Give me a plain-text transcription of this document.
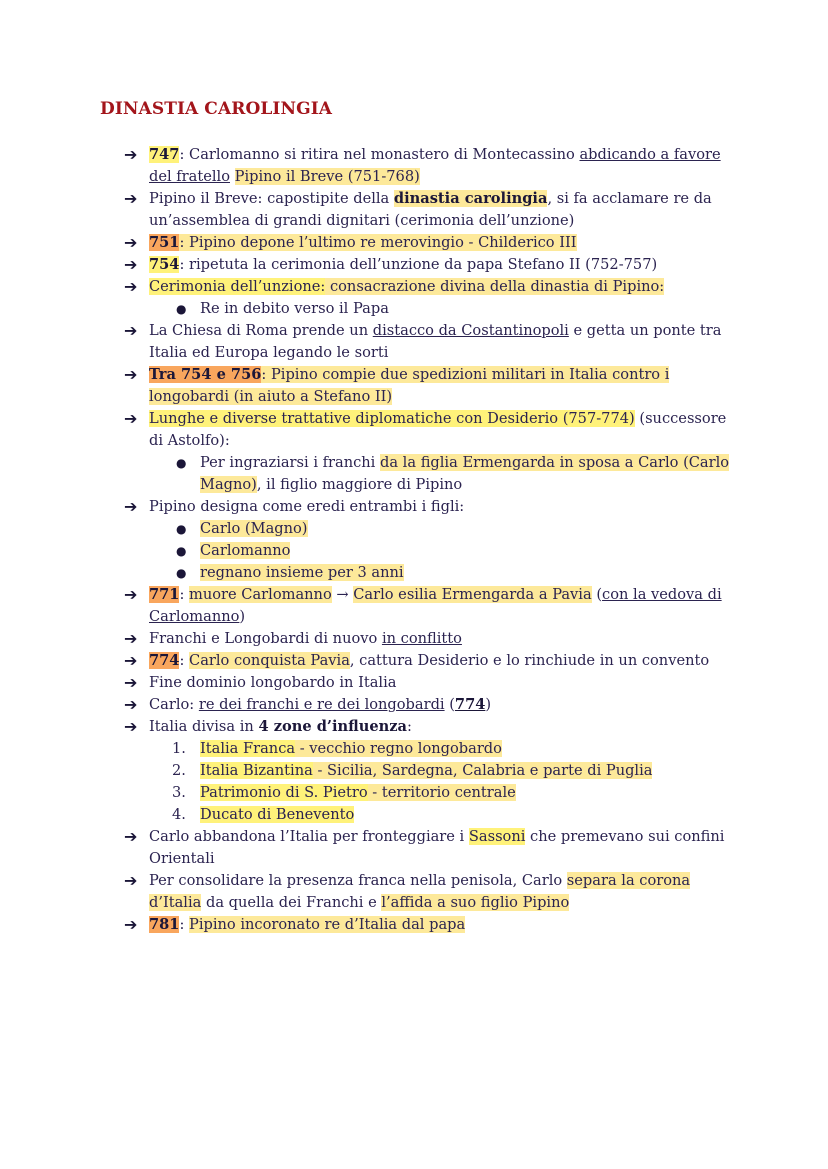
DINASTIA CAROLINGIA
➔ 747: Carlomanno si ritira nel monastero di Montecassino abdicando a favore
del fratello Pipino il Breve (751-768)
➔ Pipino il Breve: capostipite della dinastia carolingia, si fa acclamare re da
un’assemblea di grandi dignitari (cerimonia dell’unzione)
➔ 751: Pipino depone l’ultimo re merovingio - Childerico III
➔ 754: ripetuta la cerimonia dell’unzione da papa Stefano II (752-757)
➔ Cerimonia dell’unzione: consacrazione divina della dinastia di Pipino:
● Re in debito verso il Papa
➔ La Chiesa di Roma prende un distacco da Costantinopoli e getta un ponte tra
Italia ed Europa legando le sorti
➔ Tra 754 e 756: Pipino compie due spedizioni militari in Italia contro i
longobardi (in aiuto a Stefano II)
➔ Lunghe e diverse trattative diplomatiche con Desiderio (757-774) (successore
di Astolfo):
● Per ingraziarsi i franchi da la figlia Ermengarda in sposa a Carlo (Carlo
Magno), il figlio maggiore di Pipino
➔ Pipino designa come eredi entrambi i figli:
● Carlo (Magno)
● Carlomanno
● regnano insieme per 3 anni
➔ 771: muore Carlomanno → Carlo esilia Ermengarda a Pavia (con la vedova di
Carlomanno)
➔ Franchi e Longobardi di nuovo in conflitto
➔ 774: Carlo conquista Pavia, cattura Desiderio e lo rinchiude in un convento
➔ Fine dominio longobardo in Italia
➔ Carlo: re dei franchi e re dei longobardi (774)
➔ Italia divisa in 4 zone d’influenza:
1. Italia Franca - vecchio regno longobardo
2. Italia Bizantina - Sicilia, Sardegna, Calabria e parte di Puglia
3. Patrimonio di S. Pietro - territorio centrale
4. Ducato di Benevento
➔ Carlo abbandona l’Italia per fronteggiare i Sassoni che premevano sui confini
Orientali
➔ Per consolidare la presenza franca nella penisola, Carlo separa la corona
d’Italia da quella dei Franchi e l’affida a suo figlio Pipino
➔ 781: Pipino incoronato re d’Italia dal papa
